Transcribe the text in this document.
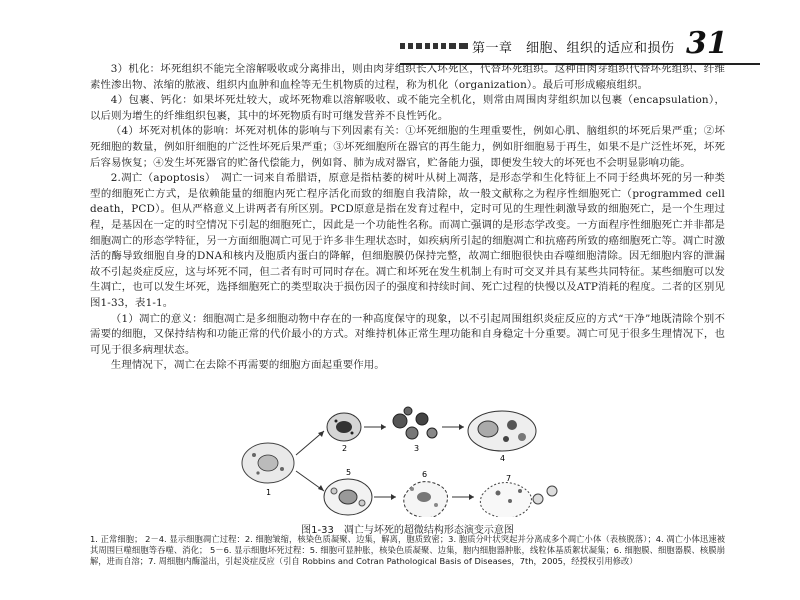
第一章　细胞、组织的适应和损伤 31

3）机化：坏死组织不能完全溶解吸收或分离排出，则由肉芽组织长入坏死区，代替坏死组织。这种由肉芽组织代替坏死组织、纤维素性渗出物、浓缩的脓液、组织内血肿和血栓等无生机物质的过程，称为机化（organization）。最后可形成瘢痕组织。

4）包裹、钙化：如果坏死灶较大，或坏死物难以溶解吸收、或不能完全机化，则常由周围肉芽组织加以包裹（encapsulation），以后则为增生的纤维组织包裹，其中的坏死物质有时可继发营养不良性钙化。

（4）坏死对机体的影响：坏死对机体的影响与下列因素有关：①坏死细胞的生理重要性，例如心肌、脑组织的坏死后果严重；②坏死细胞的数量，例如肝细胞的广泛性坏死后果严重；③坏死细胞所在器官的再生能力，例如肝细胞易于再生，如果不是广泛性坏死，坏死后容易恢复；④发生坏死器官的贮备代偿能力，例如肾、肺为成对器官，贮备能力强，即便发生较大的坏死也不会明显影响功能。

2.凋亡（apoptosis）　凋亡一词来自希腊语，原意是指枯萎的树叶从树上凋落，是形态学和生化特征上不同于经典坏死的另一种类型的细胞死亡方式，是依赖能量的细胞内死亡程序活化而致的细胞自我清除，故一般文献称之为程序性细胞死亡（programmed cell death，PCD）。但从严格意义上讲两者有所区别。PCD原意是指在发育过程中，定时可见的生理性刺激导致的细胞死亡，是一个生理过程，是基因在一定的时空情况下引起的细胞死亡，因此是一个功能性名称。而凋亡强调的是形态学改变。一方面程序性细胞死亡并非都是细胞凋亡的形态学特征，另一方面细胞凋亡可见于许多非生理状态时，如疾病所引起的细胞凋亡和抗癌药所致的癌细胞死亡等。凋亡时激活的酶导致细胞自身的DNA和核内及胞质内蛋白的降解，但细胞膜仍保持完整，故凋亡细胞很快由吞噬细胞清除。因无细胞内容的泄漏故不引起炎症反应，这与坏死不同，但二者有时可同时存在。凋亡和坏死在发生机制上有时可交叉并具有某些共同特征。某些细胞可以发生凋亡，也可以发生坏死，选择细胞死亡的类型取决于损伤因子的强度和持续时间、死亡过程的快慢以及ATP消耗的程度。二者的区别见图1-33，表1-1。

（1）凋亡的意义：细胞凋亡是多细胞动物中存在的一种高度保守的现象，以不引起周围组织炎症反应的方式“干净”地既清除个别不需要的细胞，又保持结构和功能正常的代价最小的方式。对维持机体正常生理功能和自身稳定十分重要。凋亡可见于很多生理情况下，也可见于很多病理状态。

生理情况下，凋亡在去除不再需要的细胞方面起重要作用。

1
2	3
4
5	6	7
图1-33　凋亡与坏死的超微结构形态演变示意图
1. 正常细胞； 2－4. 显示细胞凋亡过程：2. 细胞皱缩，核染色质凝聚、边集，解离，胞质致密；3. 胞质分叶状突起并分离成多个凋亡小体（表核脱落）；4. 凋亡小体迅速被其周围巨噬细胞等吞噬、消化； 5－6. 显示细胞坏死过程：5. 细胞可显肿胀，核染色质凝聚、边集，胞内细胞器肿胀，线粒体基质絮状凝集；6. 细胞膜、细胞器膜、核膜崩解，进而自溶；7. 周细胞内酶溢出，引起炎症反应（引自 Robbins and Cotran Pathological Basis of Diseases，7th，2005，经授权引用修改）
